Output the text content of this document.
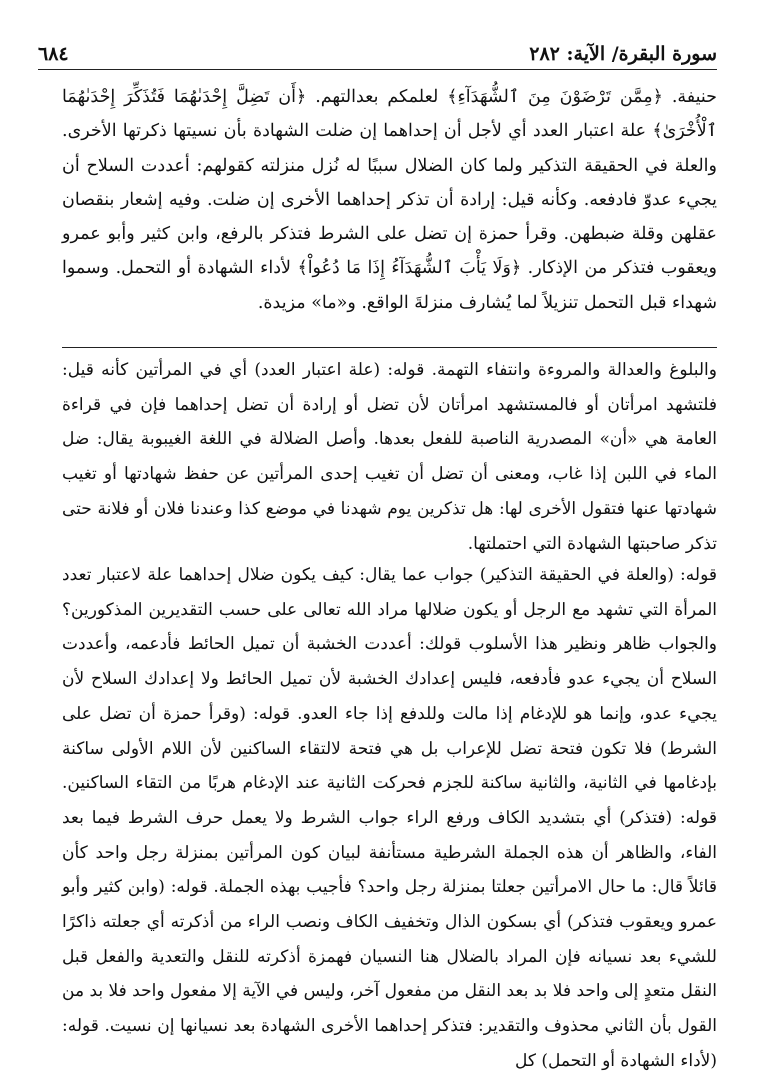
سورة البقرة/ الآية: ٢٨٢
٦٨٤

حنيفة. ﴿مِمَّن تَرْضَوْنَ مِنَ ٱلشُّهَدَآءِ﴾ لعلمكم بعدالتهم. ﴿أَن تَضِلَّ إِحْدَىٰهُمَا فَتُذَكِّرَ إِحْدَىٰهُمَا ٱلْأُخْرَىٰ﴾ علة اعتبار العدد أي لأجل أن إحداهما إن ضلت الشهادة بأن نسيتها ذكرتها الأخرى. والعلة في الحقيقة التذكير ولما كان الضلال سببًا له نُزل منزلته كقولهم: أعددت السلاح أن يجيء عدوّ فادفعه. وكأنه قيل: إرادة أن تذكر إحداهما الأخرى إن ضلت. وفيه إشعار بنقصان عقلهن وقلة ضبطهن. وقرأ حمزة إن تضل على الشرط فتذكر بالرفع، وابن كثير وأبو عمرو ويعقوب فتذكر من الإذكار. ﴿وَلَا يَأْبَ ٱلشُّهَدَآءُ إِذَا مَا دُعُواْ﴾ لأداء الشهادة أو التحمل. وسموا شهداء قبل التحمل تنزيلاً لما يُشارف منزلةَ الواقع. و«ما» مزيدة.

والبلوغ والعدالة والمروءة وانتفاء التهمة. قوله: (علة اعتبار العدد) أي في المرأتين كأنه قيل: فلتشهد امرأتان أو فالمستشهد امرأتان لأن تضل أو إرادة أن تضل إحداهما فإن في قراءة العامة هي «أن» المصدرية الناصبة للفعل بعدها. وأصل الضلالة في اللغة الغيبوبة يقال: ضل الماء في اللبن إذا غاب، ومعنى أن تضل أن تغيب إحدى المرأتين عن حفظ شهادتها أو تغيب شهادتها عنها فتقول الأخرى لها: هل تذكرين يوم شهدنا في موضع كذا وعندنا فلان أو فلانة حتى تذكر صاحبتها الشهادة التي احتملتها.

قوله: (والعلة في الحقيقة التذكير) جواب عما يقال: كيف يكون ضلال إحداهما علة لاعتبار تعدد المرأة التي تشهد مع الرجل أو يكون ضلالها مراد الله تعالى على حسب التقديرين المذكورين؟ والجواب ظاهر ونظير هذا الأسلوب قولك: أعددت الخشبة أن تميل الحائط فأدعمه، وأعددت السلاح أن يجيء عدو فأدفعه، فليس إعدادك الخشبة لأن تميل الحائط ولا إعدادك السلاح لأن يجيء عدو، وإنما هو للإدغام إذا مالت وللدفع إذا جاء العدو. قوله: (وقرأ حمزة أن تضل على الشرط) فلا تكون فتحة تضل للإعراب بل هي فتحة لالتقاء الساكنين لأن اللام الأولى ساكنة بإدغامها في الثانية، والثانية ساكنة للجزم فحركت الثانية عند الإدغام هربًا من التقاء الساكنين. قوله: (فتذكر) أي بتشديد الكاف ورفع الراء جواب الشرط ولا يعمل حرف الشرط فيما بعد الفاء، والظاهر أن هذه الجملة الشرطية مستأنفة لبيان كون المرأتين بمنزلة رجل واحد كأن قائلاً قال: ما حال الامرأتين جعلتا بمنزلة رجل واحد؟ فأجيب بهذه الجملة. قوله: (وابن كثير وأبو عمرو ويعقوب فتذكر) أي بسكون الذال وتخفيف الكاف ونصب الراء من أذكرته أي جعلته ذاكرًا للشيء بعد نسيانه فإن المراد بالضلال هنا النسيان فهمزة أذكرته للنقل والتعدية والفعل قبل النقل متعدٍ إلى واحد فلا بد بعد النقل من مفعول آخر، وليس في الآية إلا مفعول واحد فلا بد من القول بأن الثاني محذوف والتقدير: فتذكر إحداهما الأخرى الشهادة بعد نسيانها إن نسيت. قوله: (لأداء الشهادة أو التحمل) كل
